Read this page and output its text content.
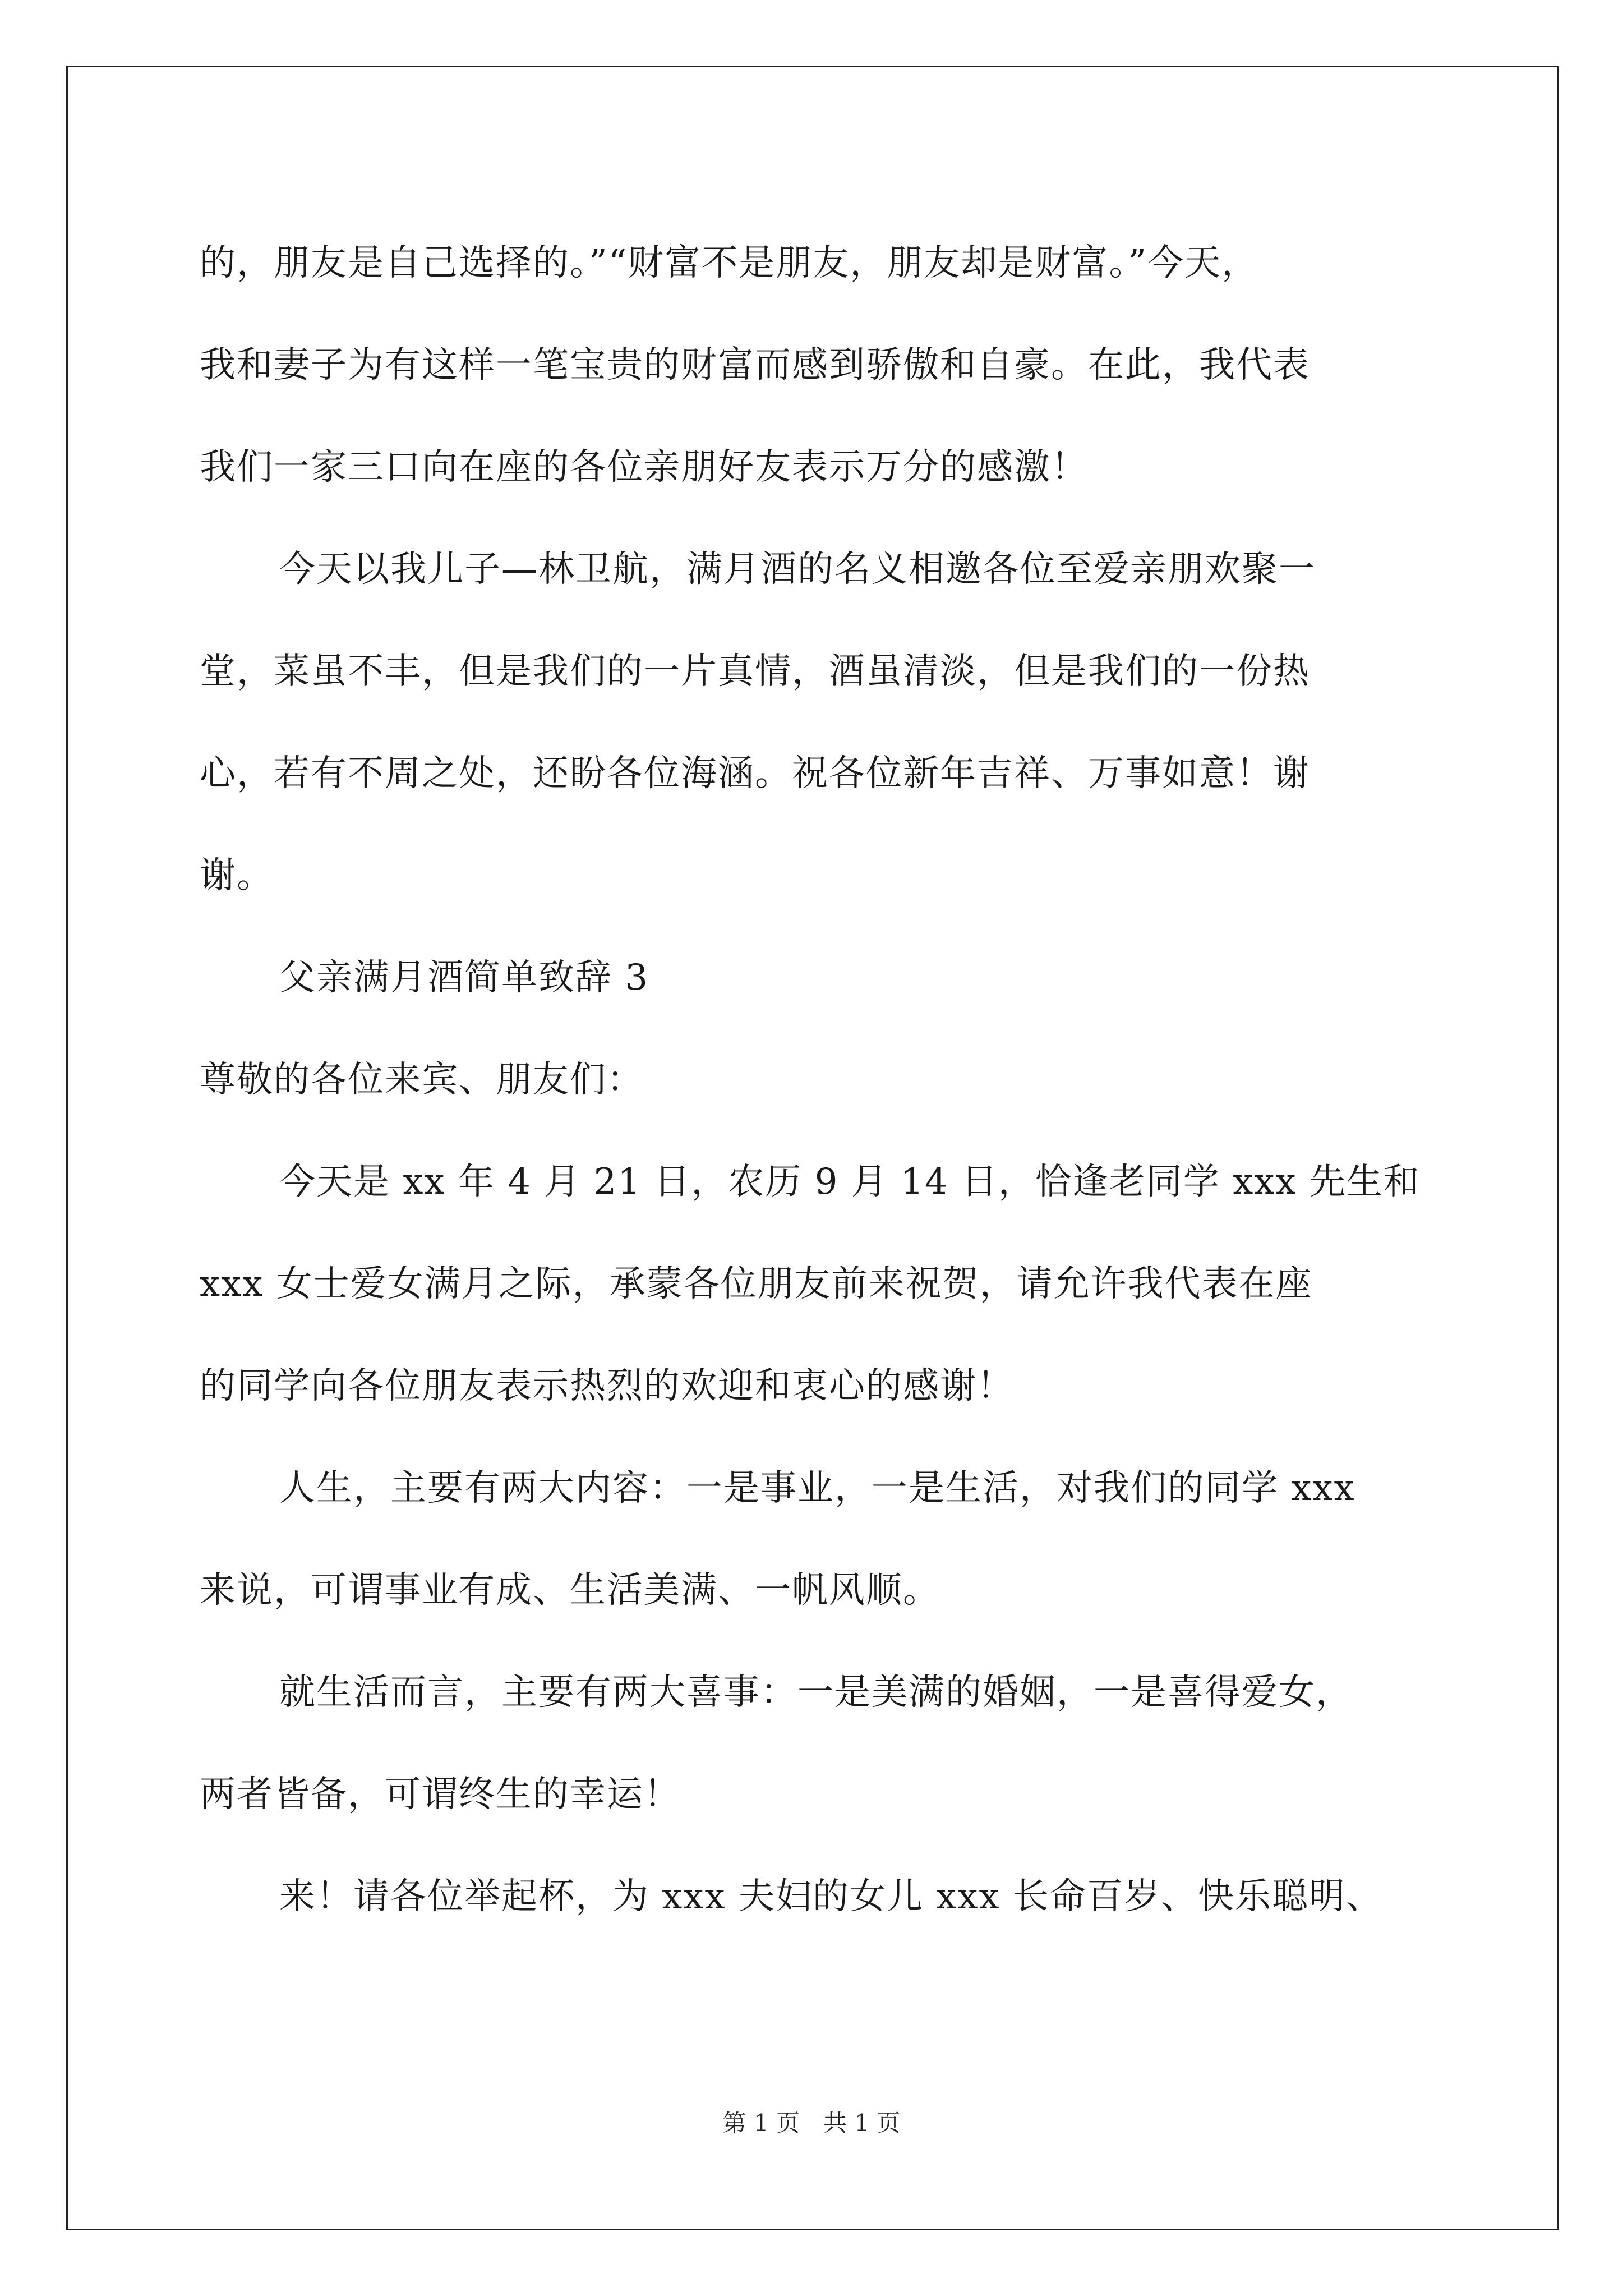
的，朋友是自己选择的。”“财富不是朋友，朋友却是财富。”今天，
我和妻子为有这样一笔宝贵的财富而感到骄傲和自豪。在此，我代表
我们一家三口向在座的各位亲朋好友表示万分的感激！
今天以我儿子—林卫航，满月酒的名义相邀各位至爱亲朋欢聚一
堂，菜虽不丰，但是我们的一片真情，酒虽清淡，但是我们的一份热
心，若有不周之处，还盼各位海涵。祝各位新年吉祥、万事如意！谢
谢。
父亲满月酒简单致辞 3
尊敬的各位来宾、朋友们：
今天是 xx 年 4 月 21 日，农历 9 月 14 日，恰逢老同学 xxx 先生和
xxx 女士爱女满月之际，承蒙各位朋友前来祝贺，请允许我代表在座
的同学向各位朋友表示热烈的欢迎和衷心的感谢！
人生，主要有两大内容：一是事业，一是生活，对我们的同学 xxx
来说，可谓事业有成、生活美满、一帆风顺。
就生活而言，主要有两大喜事：一是美满的婚姻，一是喜得爱女，
两者皆备，可谓终生的幸运！
来！请各位举起杯，为 xxx 夫妇的女儿 xxx 长命百岁、快乐聪明、
第 1 页　共 1 页
